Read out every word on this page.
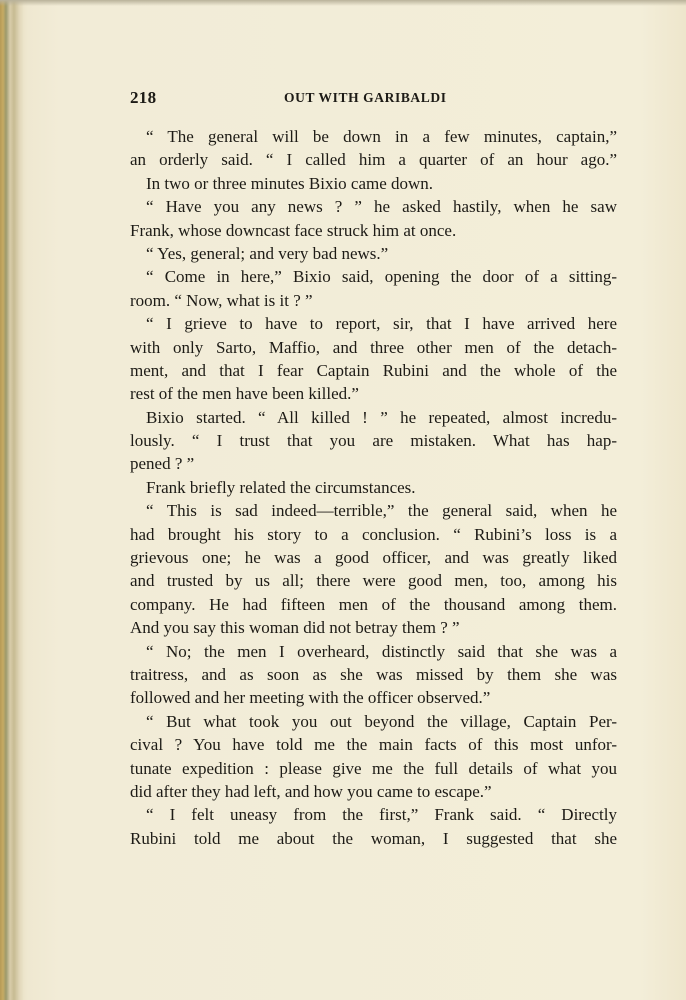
218	OUT WITH GARIBALDI
“ The general will be down in a few minutes, captain,”
an orderly said. “ I called him a quarter of an hour ago.”
In two or three minutes Bixio came down.
“ Have you any news ? ” he asked hastily, when he saw
Frank, whose downcast face struck him at once.
“ Yes, general; and very bad news.”
“ Come in here,” Bixio said, opening the door of a sitting-
room. “ Now, what is it ? ”
“ I grieve to have to report, sir, that I have arrived here
with only Sarto, Maffio, and three other men of the detach-
ment, and that I fear Captain Rubini and the whole of the
rest of the men have been killed.”
Bixio started. “ All killed ! ” he repeated, almost incredu-
lously. “ I trust that you are mistaken. What has hap-
pened ? ”
Frank briefly related the circumstances.
“ This is sad indeed—terrible,” the general said, when he
had brought his story to a conclusion. “ Rubini’s loss is a
grievous one; he was a good officer, and was greatly liked
and trusted by us all; there were good men, too, among his
company. He had fifteen men of the thousand among them.
And you say this woman did not betray them ? ”
“ No; the men I overheard, distinctly said that she was a
traitress, and as soon as she was missed by them she was
followed and her meeting with the officer observed.”
“ But what took you out beyond the village, Captain Per-
cival ? You have told me the main facts of this most unfor-
tunate expedition : please give me the full details of what you
did after they had left, and how you came to escape.”
“ I felt uneasy from the first,” Frank said. “ Directly
Rubini told me about the woman, I suggested that she
